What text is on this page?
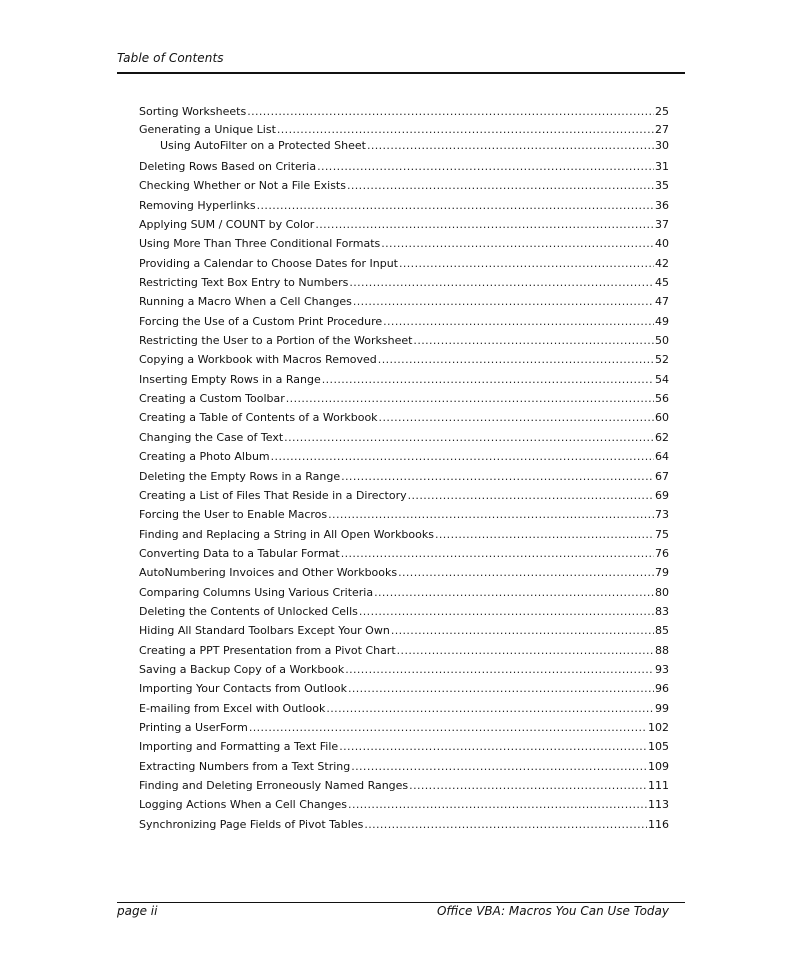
Table of Contents
Sorting Worksheets .....	25
Generating a Unique List .....	27
Using AutoFilter on a Protected Sheet .....	30
Deleting Rows Based on Criteria .....	31
Checking Whether or Not a File Exists .....	35
Removing Hyperlinks .....	36
Applying SUM / COUNT by Color .....	37
Using More Than Three Conditional Formats .....	40
Providing a Calendar to Choose Dates for Input .....	42
Restricting Text Box Entry to Numbers .....	45
Running a Macro When a Cell Changes .....	47
Forcing the Use of a Custom Print Procedure .....	49
Restricting the User to a Portion of the Worksheet .....	50
Copying a Workbook with Macros Removed .....	52
Inserting Empty Rows in a Range .....	54
Creating a Custom Toolbar .....	56
Creating a Table of Contents of a Workbook .....	60
Changing the Case of Text .....	62
Creating a Photo Album .....	64
Deleting the Empty Rows in a Range .....	67
Creating a List of Files That Reside in a Directory .....	69
Forcing the User to Enable Macros .....	73
Finding and Replacing a String in All Open Workbooks .....	75
Converting Data to a Tabular Format .....	76
AutoNumbering Invoices and Other Workbooks .....	79
Comparing Columns Using Various Criteria .....	80
Deleting the Contents of Unlocked Cells .....	83
Hiding All Standard Toolbars Except Your Own .....	85
Creating a PPT Presentation from a Pivot Chart .....	88
Saving a Backup Copy of a Workbook .....	93
Importing Your Contacts from Outlook .....	96
E-mailing from Excel with Outlook .....	99
Printing a UserForm .....	102
Importing and Formatting a Text File .....	105
Extracting Numbers from a Text String .....	109
Finding and Deleting Erroneously Named Ranges .....	111
Logging Actions When a Cell Changes .....	113
Synchronizing Page Fields of Pivot Tables .....	116
page ii	Office VBA: Macros You Can Use Today
